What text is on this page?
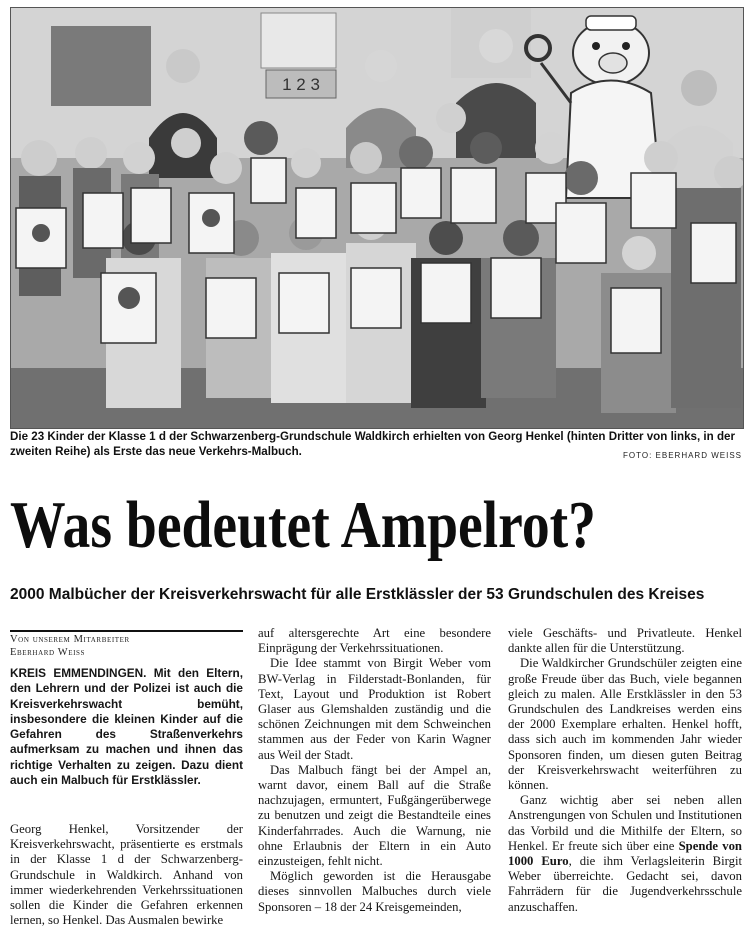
1 2 3
Die 23 Kinder der Klasse 1 d der Schwarzenberg-Grundschule Waldkirch erhielten von Georg Henkel (hinten Dritter von links, in der zweiten Reihe) als Erste das neue Verkehrs-Malbuch.	FOTO: EBERHARD WEISS
Was bedeutet Ampelrot?
2000 Malbücher der Kreisverkehrswacht für alle Erstklässler der 53 Grundschulen des Kreises
Von unserem Mitarbeiter
Eberhard Weiss

KREIS EMMENDINGEN. Mit den Eltern, den Lehrern und der Polizei ist auch die Kreisverkehrswacht bemüht, insbesondere die kleinen Kinder auf die Gefahren des Straßenverkehrs aufmerksam zu machen und ihnen das richtige Verhalten zu zeigen. Dazu dient auch ein Malbuch für Erstklässler.

Georg Henkel, Vorsitzender der Kreisverkehrswacht, präsentierte es erstmals in der Klasse 1 d der Schwarzenberg-Grundschule in Waldkirch. Anhand von immer wiederkehrenden Verkehrssituationen sollen die Kinder die Gefahren erkennen lernen, so Henkel. Das Ausmalen bewirke

auf altersgerechte Art eine besondere Einprägung der Verkehrssituationen.

Die Idee stammt von Birgit Weber vom BW-Verlag in Filderstadt-Bonlanden, für Text, Layout und Produktion ist Robert Glaser aus Glemshalden zuständig und die schönen Zeichnungen mit dem Schweinchen stammen aus der Feder von Karin Wagner aus Weil der Stadt.

Das Malbuch fängt bei der Ampel an, warnt davor, einem Ball auf die Straße nachzujagen, ermuntert, Fußgängerüberwege zu benutzen und zeigt die Bestandteile eines Kinderfahrrades. Auch die Warnung, nie ohne Erlaubnis der Eltern in ein Auto einzusteigen, fehlt nicht.

Möglich geworden ist die Herausgabe dieses sinnvollen Malbuches durch viele Sponsoren – 18 der 24 Kreisgemeinden,

viele Geschäfts- und Privatleute. Henkel dankte allen für die Unterstützung.

Die Waldkircher Grundschüler zeigten eine große Freude über das Buch, viele begannen gleich zu malen. Alle Erstklässler in den 53 Grundschulen des Landkreises werden eins der 2000 Exemplare erhalten. Henkel hofft, dass sich auch im kommenden Jahr wieder Sponsoren finden, um diesen guten Beitrag der Kreisverkehrswacht weiterführen zu können.

Ganz wichtig aber sei neben allen Anstrengungen von Schulen und Institutionen das Vorbild und die Mithilfe der Eltern, so Henkel. Er freute sich über eine Spende von 1000 Euro, die ihm Verlagsleiterin Birgit Weber überreichte. Gedacht sei, davon Fahrrädern für die Jugendverkehrsschule anzuschaffen.
